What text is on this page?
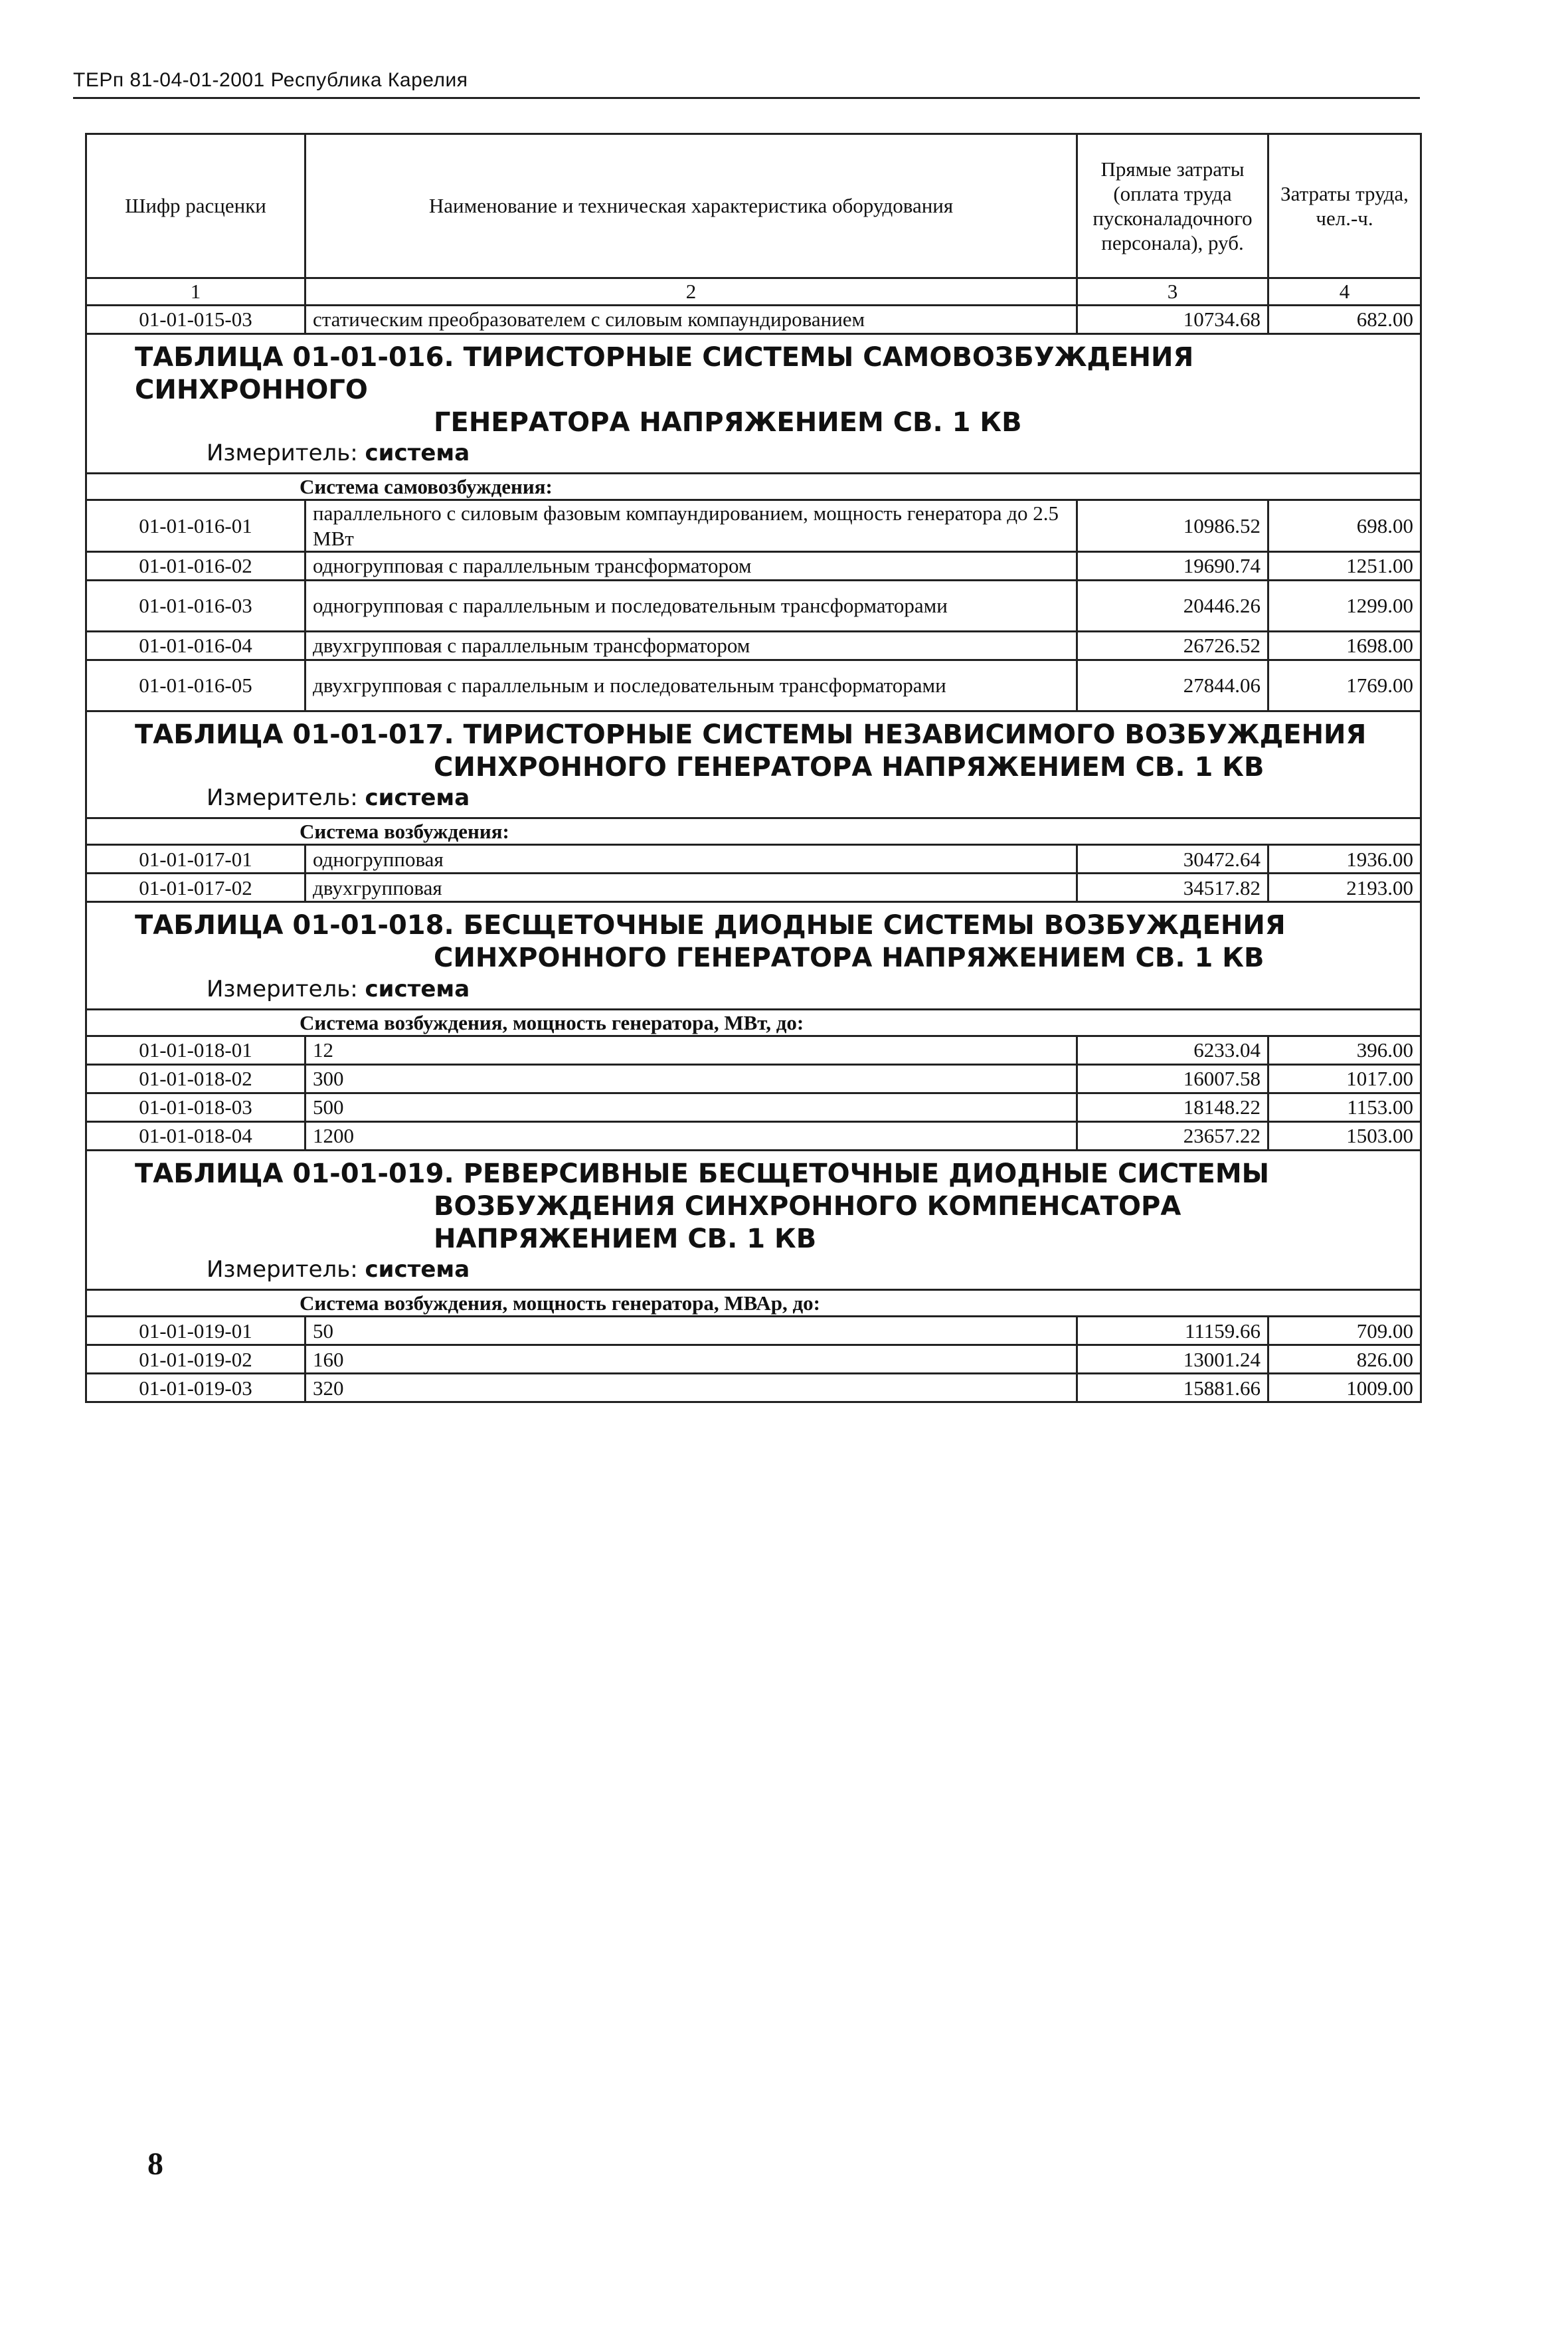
ТЕРп 81-04-01-2001 Республика Карелия
Шифр расценки	Наименование и техническая характеристика оборудования	Прямые затраты (оплата труда пусконаладочного персонала), руб.	Затраты труда, чел.-ч.
1	2	3	4
01-01-015-03	статическим преобразователем с силовым компаундированием	10734.68	682.00

ТАБЛИЦА 01-01-016. ТИРИСТОРНЫЕ СИСТЕМЫ САМОВОЗБУЖДЕНИЯ СИНХРОННОГО
ГЕНЕРАТОРА НАПРЯЖЕНИЕМ СВ. 1 КВ
Измеритель: система			

Система самовозбуждения:			
01-01-016-01	параллельного с силовым фазовым компаундированием, мощность генератора до 2.5 МВт	10986.52	698.00
01-01-016-02	одногрупповая с параллельным трансформатором	19690.74	1251.00
01-01-016-03	одногрупповая с параллельным и последовательным трансформаторами	20446.26	1299.00
01-01-016-04	двухгрупповая с параллельным трансформатором	26726.52	1698.00
01-01-016-05	двухгрупповая с параллельным и последовательным трансформаторами	27844.06	1769.00

ТАБЛИЦА 01-01-017. ТИРИСТОРНЫЕ СИСТЕМЫ НЕЗАВИСИМОГО ВОЗБУЖДЕНИЯ
СИНХРОННОГО ГЕНЕРАТОРА НАПРЯЖЕНИЕМ СВ. 1 КВ
Измеритель: система			

Система возбуждения:			
01-01-017-01	одногрупповая	30472.64	1936.00
01-01-017-02	двухгрупповая	34517.82	2193.00

ТАБЛИЦА 01-01-018. БЕСЩЕТОЧНЫЕ ДИОДНЫЕ СИСТЕМЫ ВОЗБУЖДЕНИЯ
СИНХРОННОГО ГЕНЕРАТОРА НАПРЯЖЕНИЕМ СВ. 1 КВ
Измеритель: система			

Система возбуждения, мощность генератора, МВт, до:			
01-01-018-01	12	6233.04	396.00
01-01-018-02	300	16007.58	1017.00
01-01-018-03	500	18148.22	1153.00
01-01-018-04	1200	23657.22	1503.00

ТАБЛИЦА 01-01-019. РЕВЕРСИВНЫЕ БЕСЩЕТОЧНЫЕ ДИОДНЫЕ СИСТЕМЫ
ВОЗБУЖДЕНИЯ СИНХРОННОГО КОМПЕНСАТОРА НАПРЯЖЕНИЕМ СВ. 1 КВ
Измеритель: система			

Система возбуждения, мощность генератора, МВАр, до:			
01-01-019-01	50	11159.66	709.00
01-01-019-02	160	13001.24	826.00
01-01-019-03	320	15881.66	1009.00
8
